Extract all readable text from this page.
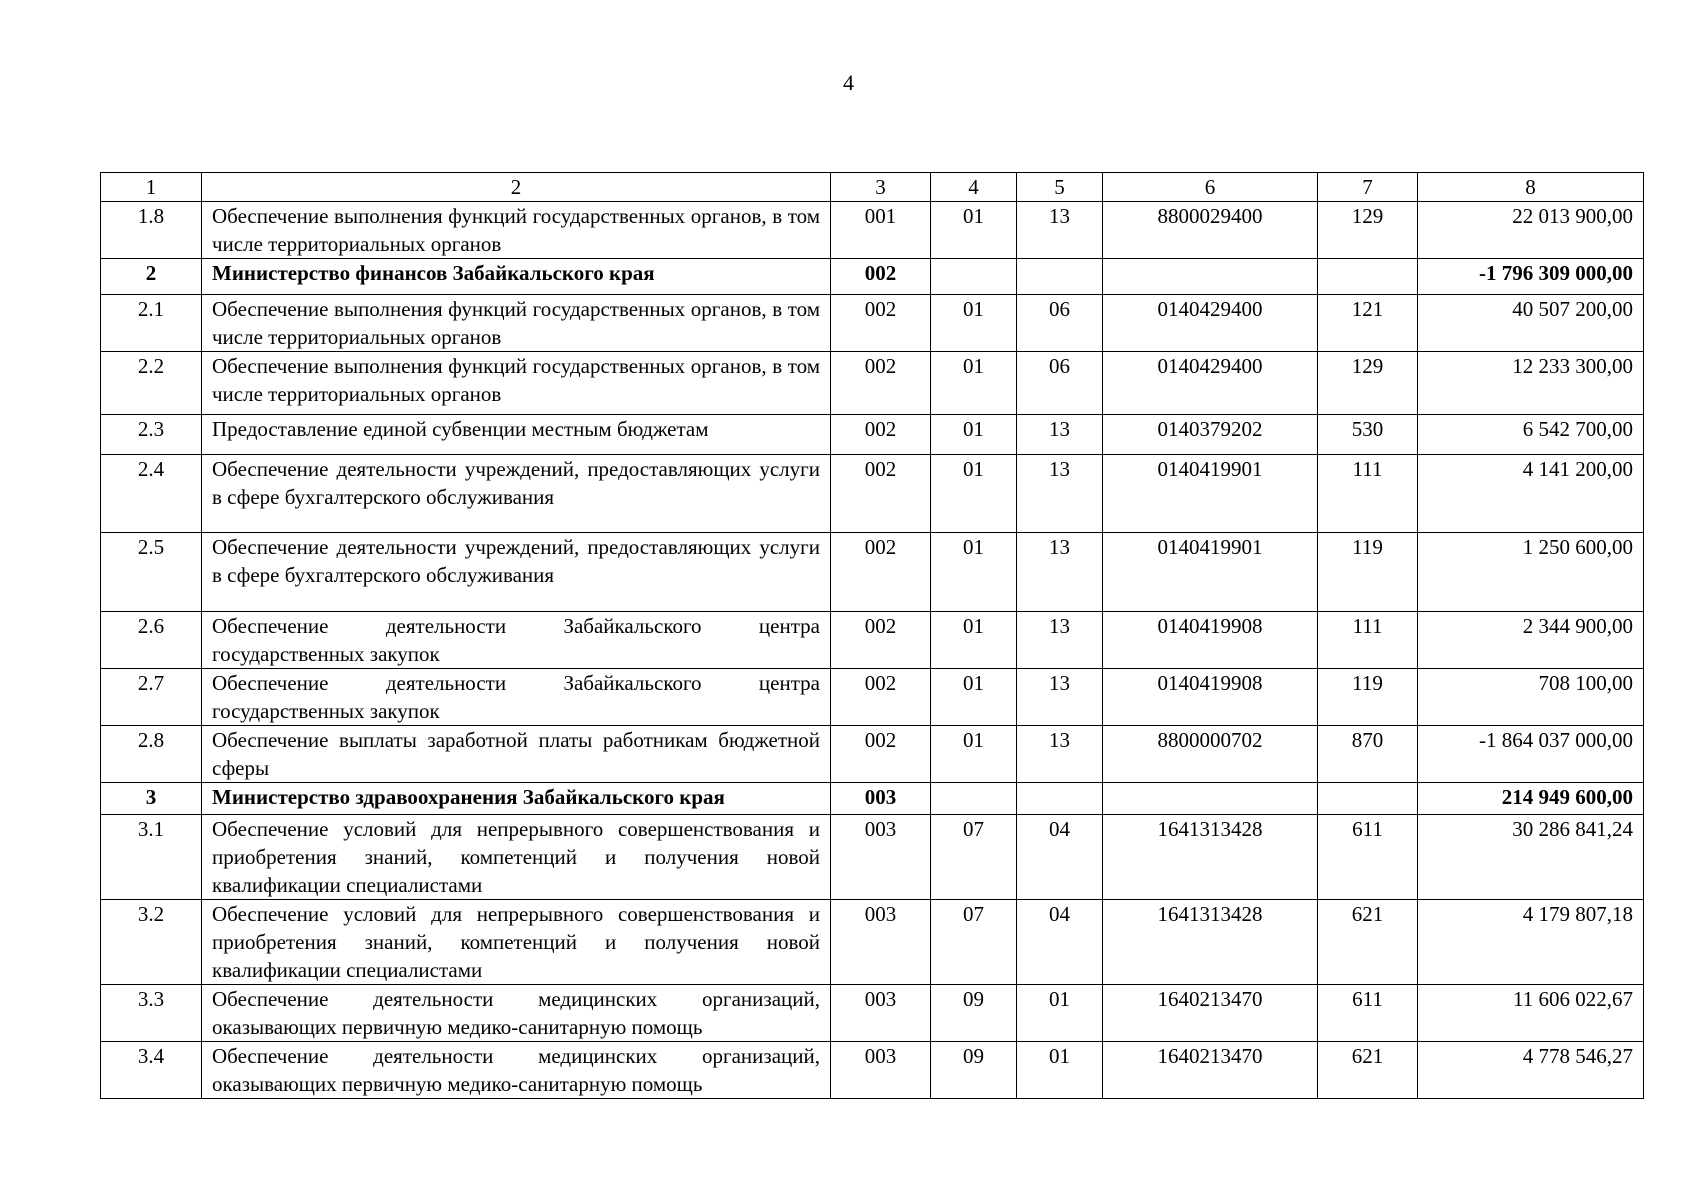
4
1	2	3	4	5	6	7	8
1.8	Обеспечение выполнения функций государственных органов, в том числе территориальных органов	001	01	13	8800029400	129	22 013 900,00
2	Министерство финансов Забайкальского края	002					-1 796 309 000,00
2.1	Обеспечение выполнения функций государственных органов, в том числе территориальных органов	002	01	06	0140429400	121	40 507 200,00
2.2	Обеспечение выполнения функций государственных органов, в том числе территориальных органов	002	01	06	0140429400	129	12 233 300,00
2.3	Предоставление единой субвенции местным бюджетам	002	01	13	0140379202	530	6 542 700,00
2.4	Обеспечение деятельности учреждений, предоставляющих услуги в сфере бухгалтерского обслуживания	002	01	13	0140419901	111	4 141 200,00
2.5	Обеспечение деятельности учреждений, предоставляющих услуги в сфере бухгалтерского обслуживания	002	01	13	0140419901	119	1 250 600,00
2.6	Обеспечение деятельности Забайкальского центра государственных закупок	002	01	13	0140419908	111	2 344 900,00
2.7	Обеспечение деятельности Забайкальского центра государственных закупок	002	01	13	0140419908	119	708 100,00
2.8	Обеспечение выплаты заработной платы работникам бюджетной сферы	002	01	13	8800000702	870	-1 864 037 000,00
3	Министерство здравоохранения Забайкальского края	003					214 949 600,00
3.1	Обеспечение условий для непрерывного совершенствования и приобретения знаний, компетенций и получения новой квалификации специалистами	003	07	04	1641313428	611	30 286 841,24
3.2	Обеспечение условий для непрерывного совершенствования и приобретения знаний, компетенций и получения новой квалификации специалистами	003	07	04	1641313428	621	4 179 807,18
3.3	Обеспечение деятельности медицинских организаций, оказывающих первичную медико-санитарную помощь	003	09	01	1640213470	611	11 606 022,67
3.4	Обеспечение деятельности медицинских организаций, оказывающих первичную медико-санитарную помощь	003	09	01	1640213470	621	4 778 546,27
